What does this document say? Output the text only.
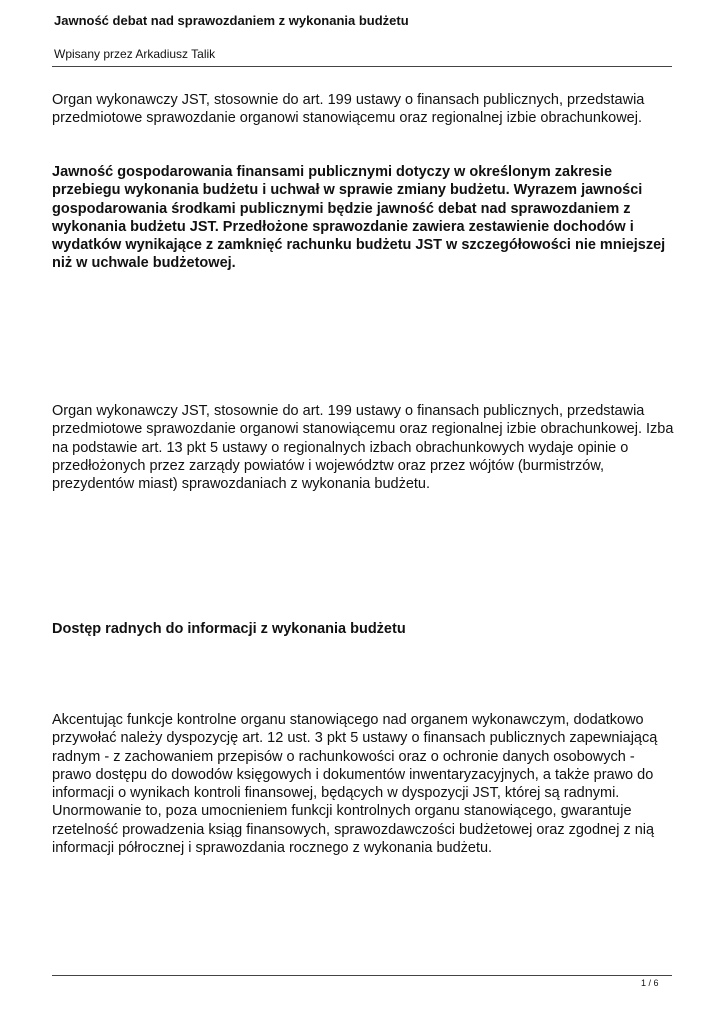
Jawność debat nad sprawozdaniem z wykonania budżetu
Wpisany przez Arkadiusz Talik

Organ wykonawczy JST, stosownie do art. 199 ustawy o finansach publicznych, przedstawia przedmiotowe sprawozdanie organowi stanowiącemu oraz regionalnej izbie obrachunkowej.

Jawność gospodarowania finansami publicznymi dotyczy w określonym zakresie przebiegu wykonania budżetu i uchwał w sprawie zmiany budżetu. Wyrazem jawności gospodarowania środkami publicznymi będzie jawność debat nad sprawozdaniem z wykonania budżetu JST. Przedłożone sprawozdanie zawiera zestawienie dochodów i wydatków wynikające z zamknięć rachunku budżetu JST w szczegółowości nie mniejszej niż w uchwale budżetowej.

Organ wykonawczy JST, stosownie do art. 199 ustawy o finansach publicznych, przedstawia przedmiotowe sprawozdanie organowi stanowiącemu oraz regionalnej izbie obrachunkowej. Izba na podstawie art. 13 pkt 5 ustawy o regionalnych izbach obrachunkowych wydaje opinie o przedłożonych przez zarządy powiatów i województw oraz przez wójtów (burmistrzów, prezydentów miast) sprawozdaniach z wykonania budżetu.

Dostęp radnych do informacji z wykonania budżetu

Akcentując funkcje kontrolne organu stanowiącego nad organem wykonawczym, dodatkowo przywołać należy dyspozycję art. 12 ust. 3 pkt 5 ustawy o finansach publicznych zapewniającą radnym - z zachowaniem przepisów o rachunkowości oraz o ochronie danych osobowych - prawo dostępu do dowodów księgowych i dokumentów inwentaryzacyjnych, a także prawo do informacji o wynikach kontroli finansowej, będących w dyspozycji JST, której są radnymi. Unormowanie to, poza umocnieniem funkcji kontrolnych organu stanowiącego, gwarantuje rzetelność prowadzenia ksiąg finansowych, sprawozdawczości budżetowej oraz zgodnej z nią informacji półrocznej i sprawozdania rocznego z wykonania budżetu.

1 / 6
